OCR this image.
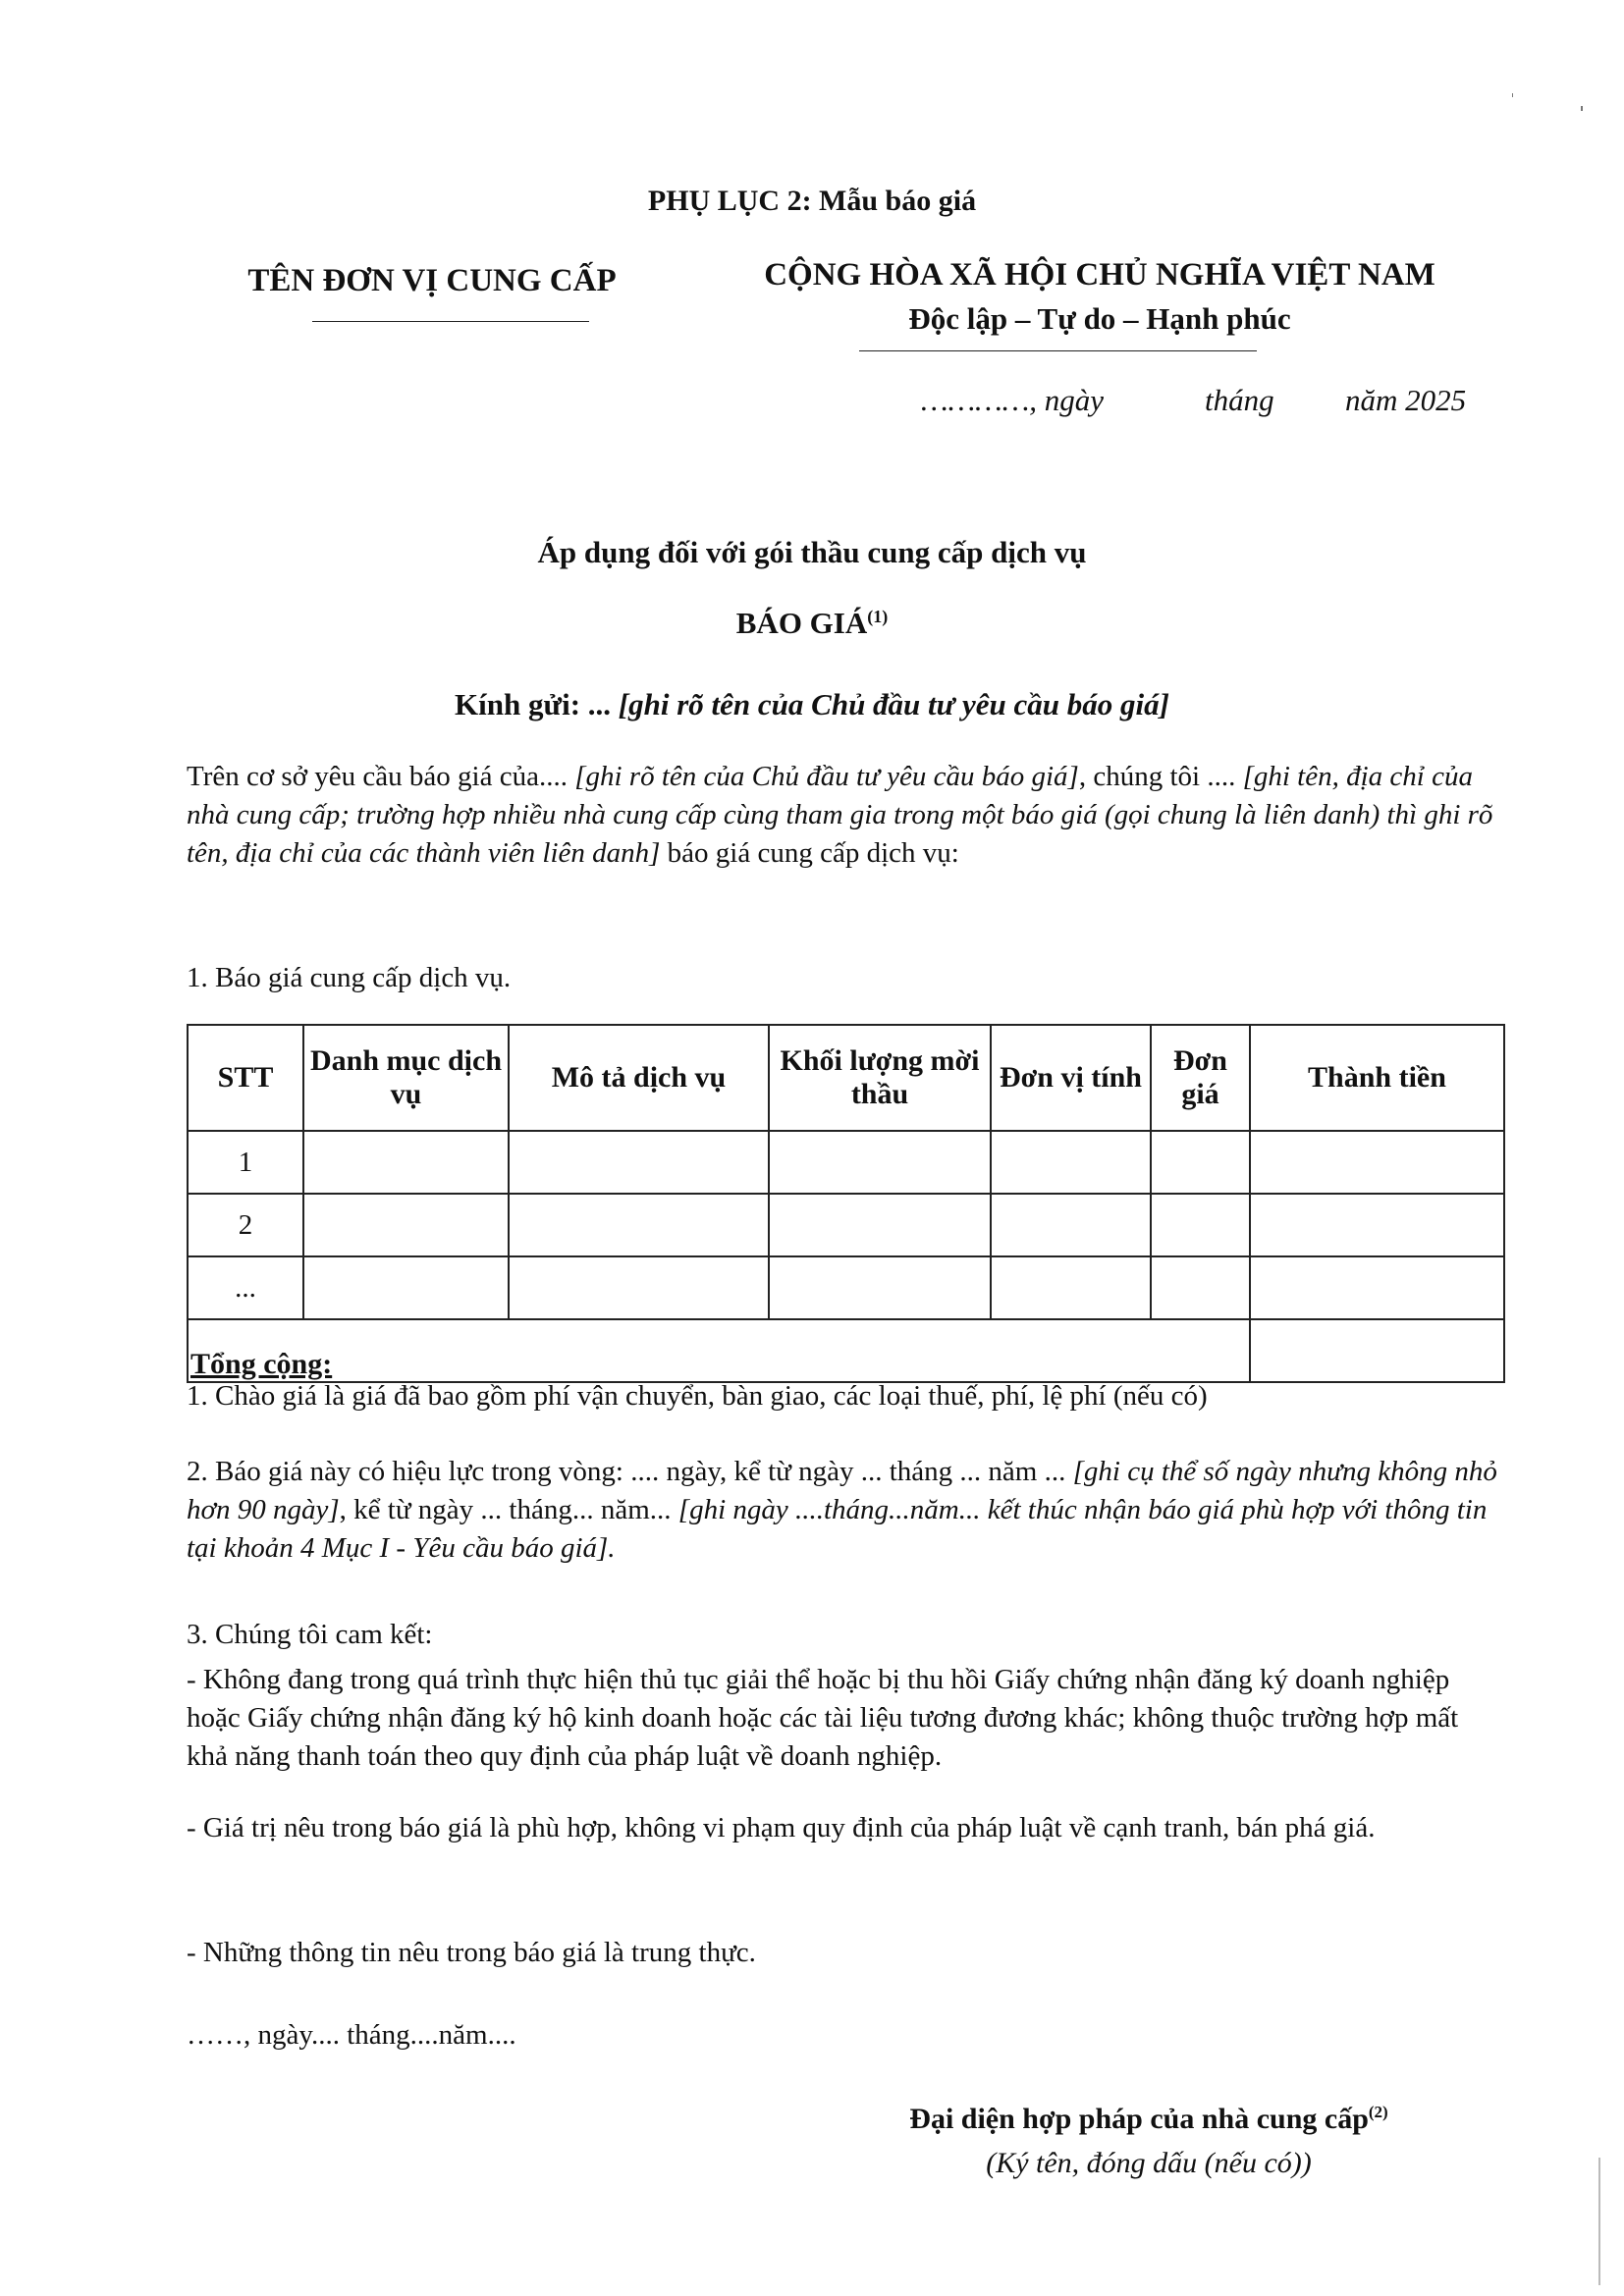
PHỤ LỤC 2: Mẫu báo giá
TÊN ĐƠN VỊ CUNG CẤP	CỘNG HÒA XÃ HỘI CHỦ NGHĨA VIỆT NAM
Độc lập – Tự do – Hạnh phúc
…………, ngày	tháng năm 2025
Áp dụng đối với gói thầu cung cấp dịch vụ
BÁO GIÁ$^{(1)}$
Kính gửi: ... [ghi rõ tên của Chủ đầu tư yêu cầu báo giá]
Trên cơ sở yêu cầu báo giá của.... [ghi rõ tên của Chủ đầu tư yêu cầu báo giá], chúng tôi .... [ghi tên, địa chỉ của nhà cung cấp; trường hợp nhiều nhà cung cấp cùng tham gia trong một báo giá (gọi chung là liên danh) thì ghi rõ tên, địa chỉ của các thành viên liên danh] báo giá cung cấp dịch vụ:
1. Báo giá cung cấp dịch vụ.
STT	Danh mục dịch vụ	Mô tả dịch vụ	Khối lượng mời thầu	Đơn vị tính	Đơn giá	Thành tiền
1						
2						
...						
Tổng cộng:						
1. Chào giá là giá đã bao gồm phí vận chuyển, bàn giao, các loại thuế, phí, lệ phí (nếu có)
2. Báo giá này có hiệu lực trong vòng: .... ngày, kể từ ngày ... tháng ... năm ... [ghi cụ thể số ngày nhưng không nhỏ hơn 90 ngày], kể từ ngày ... tháng... năm... [ghi ngày ....tháng...năm... kết thúc nhận báo giá phù hợp với thông tin tại khoản 4 Mục I - Yêu cầu báo giá].
3. Chúng tôi cam kết:
- Không đang trong quá trình thực hiện thủ tục giải thể hoặc bị thu hồi Giấy chứng nhận đăng ký doanh nghiệp hoặc Giấy chứng nhận đăng ký hộ kinh doanh hoặc các tài liệu tương đương khác; không thuộc trường hợp mất khả năng thanh toán theo quy định của pháp luật về doanh nghiệp.
- Giá trị nêu trong báo giá là phù hợp, không vi phạm quy định của pháp luật về cạnh tranh, bán phá giá.
- Những thông tin nêu trong báo giá là trung thực.
……, ngày.... tháng....năm....
Đại diện hợp pháp của nhà cung cấp$^{(2)}$
(Ký tên, đóng dấu (nếu có))
